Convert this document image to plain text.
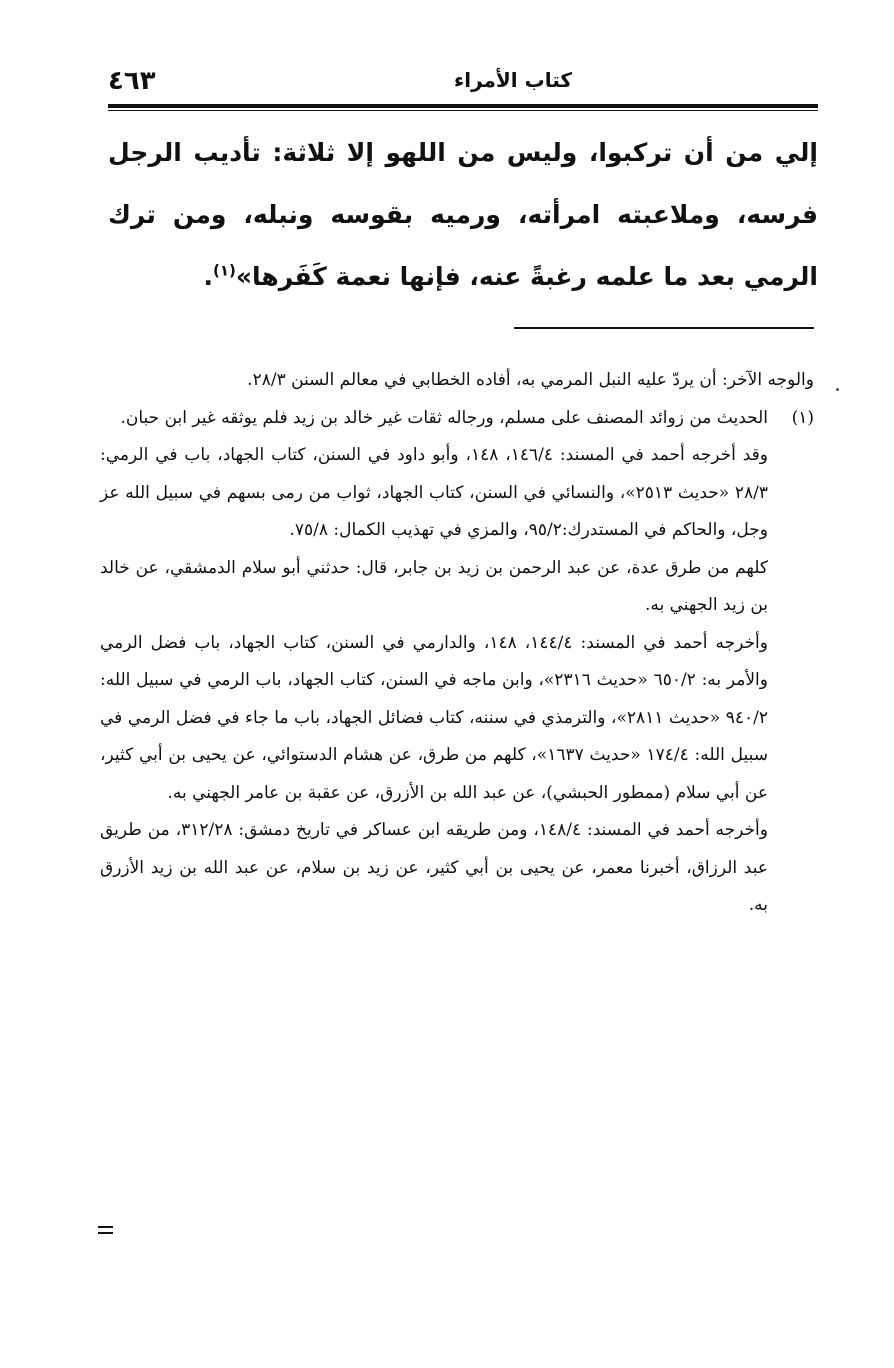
٤٦٣	كتاب الأمراء

إلي من أن تركبوا، وليس من اللهو إلا ثلاثة: تأديب الرجل فرسه، وملاعبته امرأته، ورميه بقوسه ونبله، ومن ترك الرمي بعد ما علمه رغبةً عنه، فإنها نعمة كَفَرها»$^{(١)}$.

والوجه الآخر: أن يردّ عليه النبل المرمي به، أفاده الخطابي في معالم السنن ٢٨/٣.

(١)

الحديث من زوائد المصنف على مسلم، ورجاله ثقات غير خالد بن زيد فلم يوثقه غير ابن حبان.

وقد أخرجه أحمد في المسند: ١٤٦/٤، ١٤٨، وأبو داود في السنن، كتاب الجهاد، باب في الرمي: ٢٨/٣ «حديث ٢٥١٣»، والنسائي في السنن، كتاب الجهاد، ثواب من رمى بسهم في سبيل الله عز وجل، والحاكم في المستدرك:٩٥/٢، والمزي في تهذيب الكمال: ٧٥/٨.

كلهم من طرق عدة، عن عبد الرحمن بن زيد بن جابر، قال: حدثني أبو سلام الدمشقي، عن خالد بن زيد الجهني به.

وأخرجه أحمد في المسند: ١٤٤/٤، ١٤٨، والدارمي في السنن، كتاب الجهاد، باب فضل الرمي والأمر به: ٦٥٠/٢ «حديث ٢٣١٦»، وابن ماجه في السنن، كتاب الجهاد، باب الرمي في سبيل الله: ٩٤٠/٢ «حديث ٢٨١١»، والترمذي في سننه، كتاب فضائل الجهاد، باب ما جاء في فضل الرمي في سبيل الله: ١٧٤/٤ «حديث ١٦٣٧»، كلهم من طرق، عن هشام الدستوائي، عن يحيى بن أبي كثير، عن أبي سلام (ممطور الحبشي)، عن عبد الله بن الأزرق، عن عقبة بن عامر الجهني به.

وأخرجه أحمد في المسند: ١٤٨/٤، ومن طريقه ابن عساكر في تاريخ دمشق: ٣١٢/٢٨، من طريق عبد الرزاق، أخبرنا معمر، عن يحيى بن أبي كثير، عن زيد بن سلام، عن عبد الله بن زيد الأزرق به.
